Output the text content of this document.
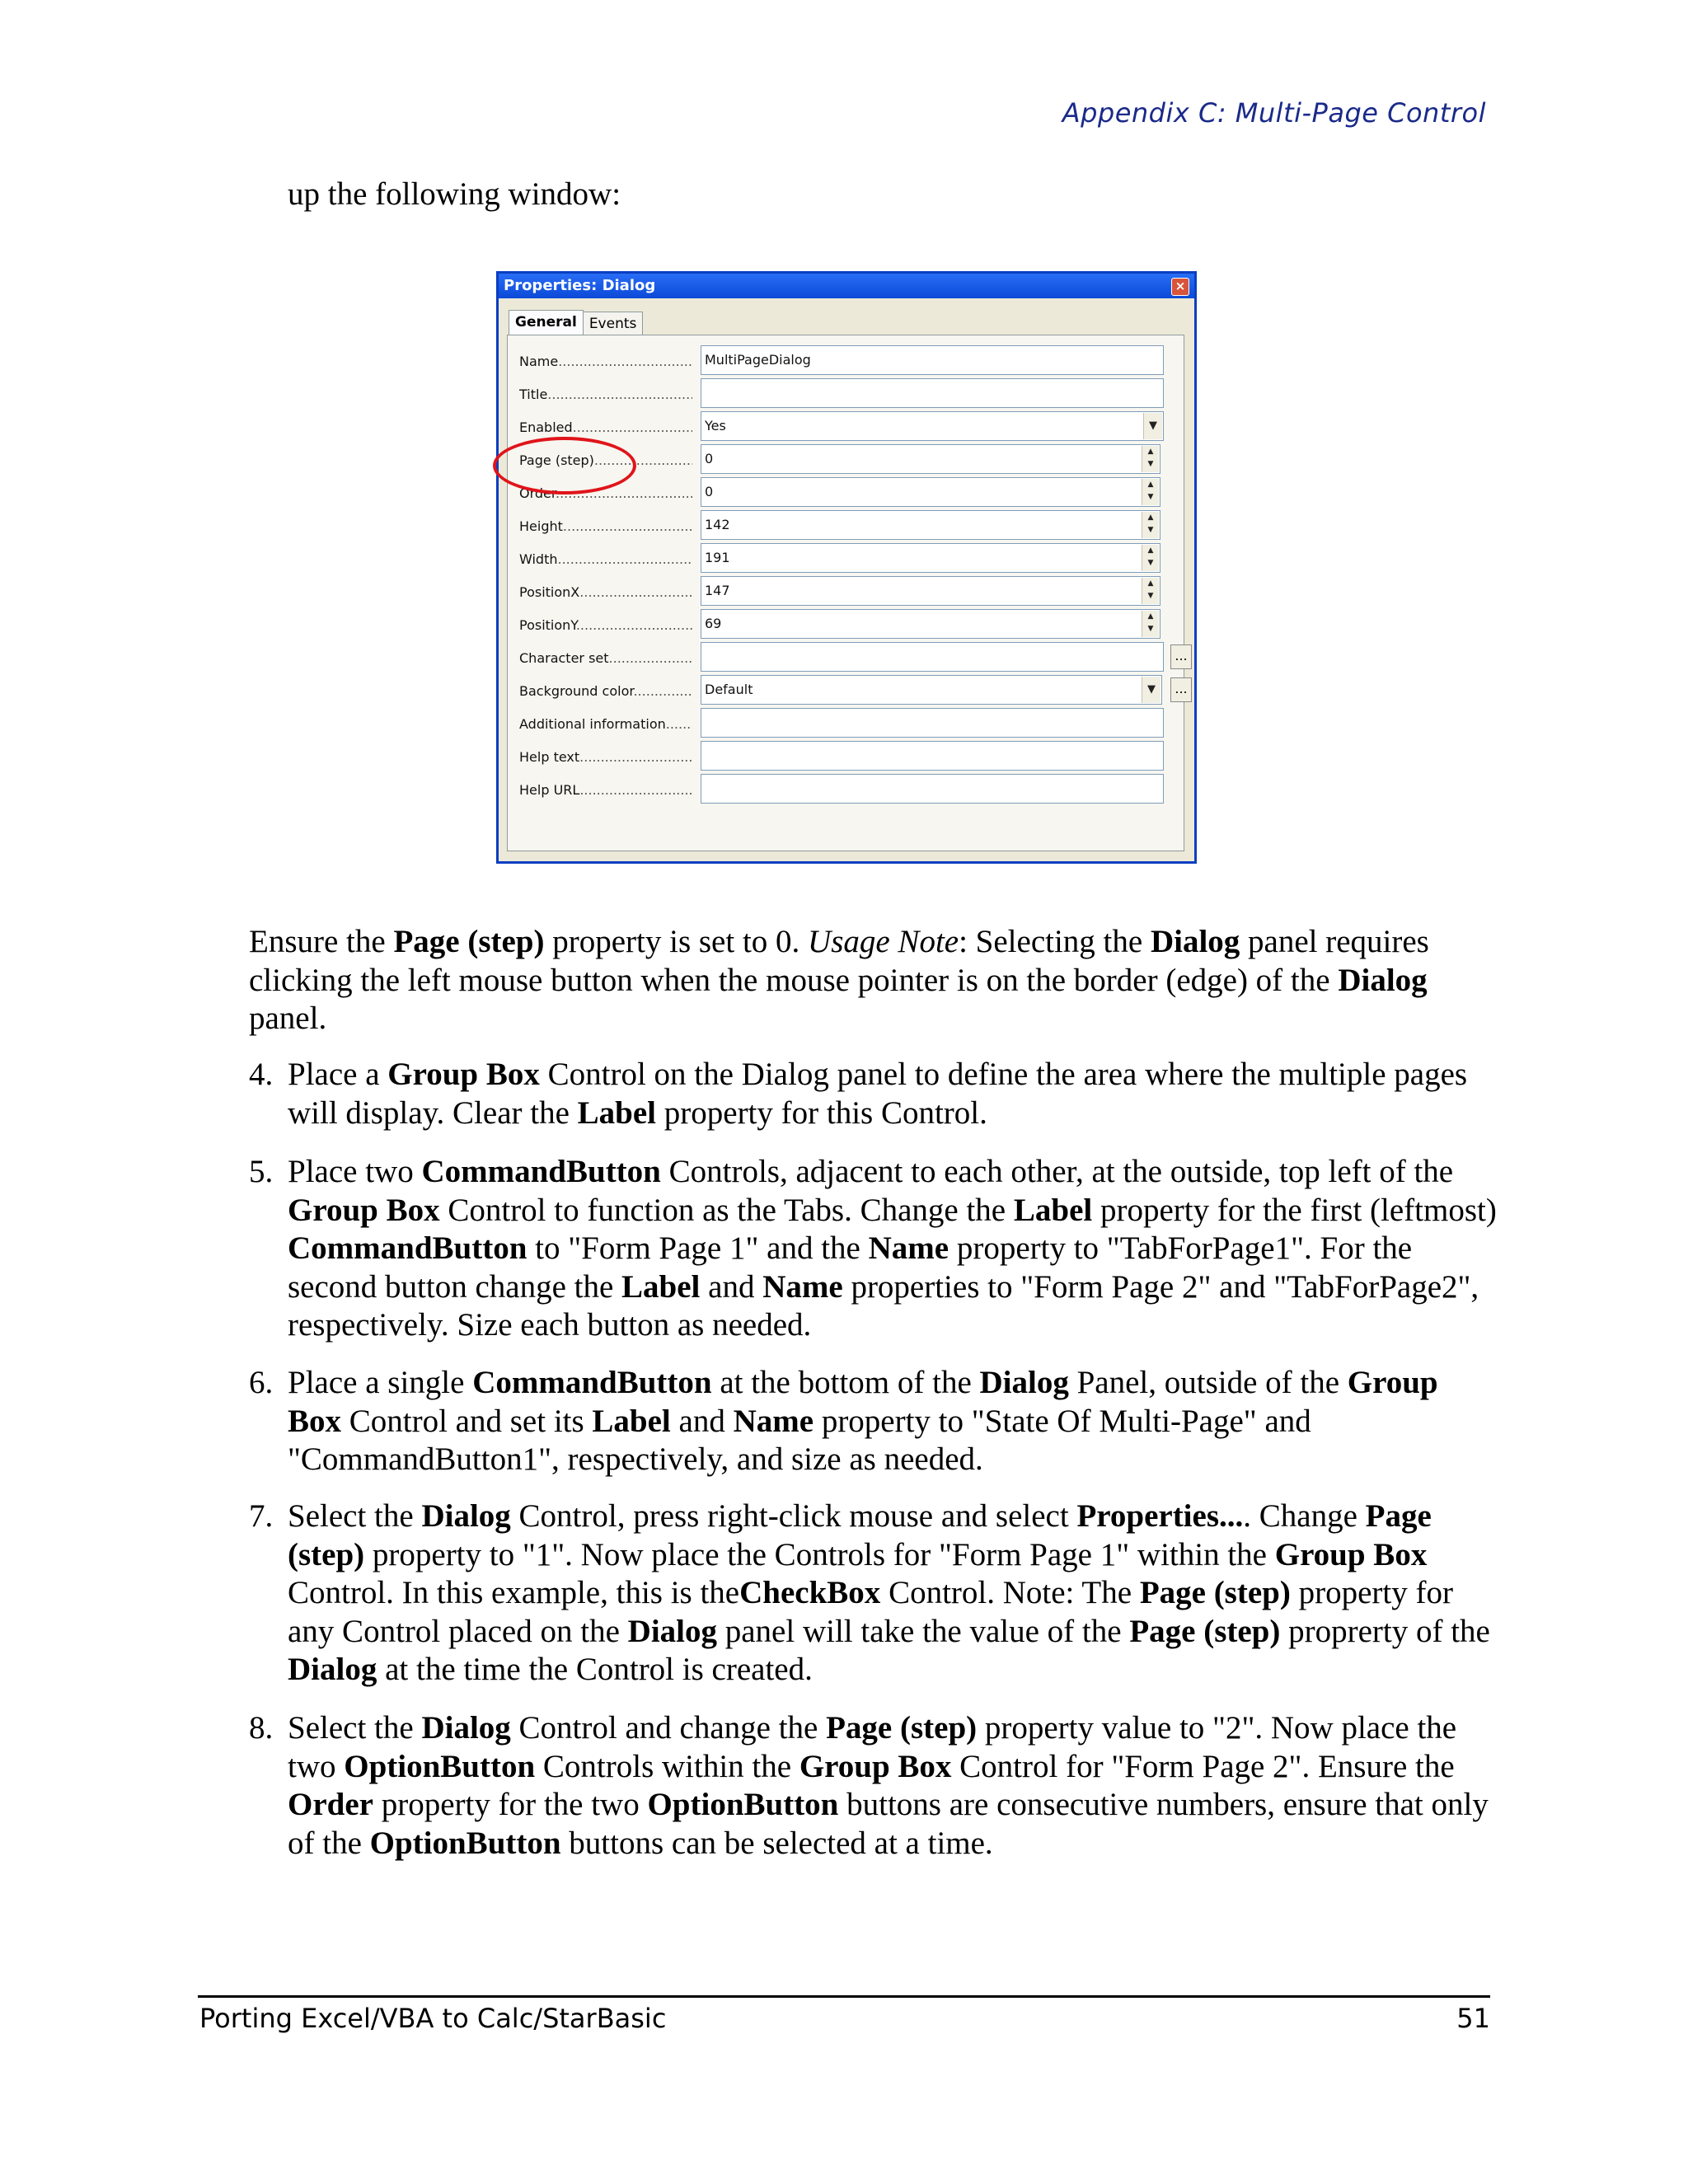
Appendix C: Multi-Page Control
up the following window:
Properties: Dialog	×
General Events
Name .....	MultiPageDialog
Title .....
Enabled .....	Yes	▼
Page (step) .....	0	▲
▼
Order .....	0	▲
▼
Height .....	142	▲
▼
Width .....	191	▲
▼
PositionX .....	147	▲
▼
PositionY .....	69	▲
▼
Character set .....	...
Background color .....	Default	▼	...
Additional information .....
Help text .....
Help URL .....
Ensure the Page (step) property is set to 0. Usage Note: Selecting the Dialog panel requires clicking the left mouse button when the mouse pointer is on the border (edge) of the Dialog panel.
4. Place a Group Box Control on the Dialog panel to define the area where the multiple pages will display. Clear the Label property for this Control.
5. Place two CommandButton Controls, adjacent to each other, at the outside, top left of the Group Box Control to function as the Tabs. Change the Label property for the first (leftmost) CommandButton to "Form Page 1" and the Name property to "TabForPage1". For the second button change the Label and Name properties to "Form Page 2" and "TabForPage2", respectively. Size each button as needed.
6. Place a single CommandButton at the bottom of the Dialog Panel, outside of the Group Box Control and set its Label and Name property to "State Of Multi-Page" and "CommandButton1", respectively, and size as needed.
7. Select the Dialog Control, press right-click mouse and select Properties.... Change Page (step) property to "1". Now place the Controls for "Form Page 1" within the Group Box Control. In this example, this is theCheckBox Control. Note: The Page (step) property for any Control placed on the Dialog panel will take the value of the Page (step) proprerty of the Dialog at the time the Control is created.
8. Select the Dialog Control and change the Page (step) property value to "2". Now place the two OptionButton Controls within the Group Box Control for "Form Page 2". Ensure the Order property for the two OptionButton buttons are consecutive numbers, ensure that only of the OptionButton buttons can be selected at a time.
Porting Excel/VBA to Calc/StarBasic	51
